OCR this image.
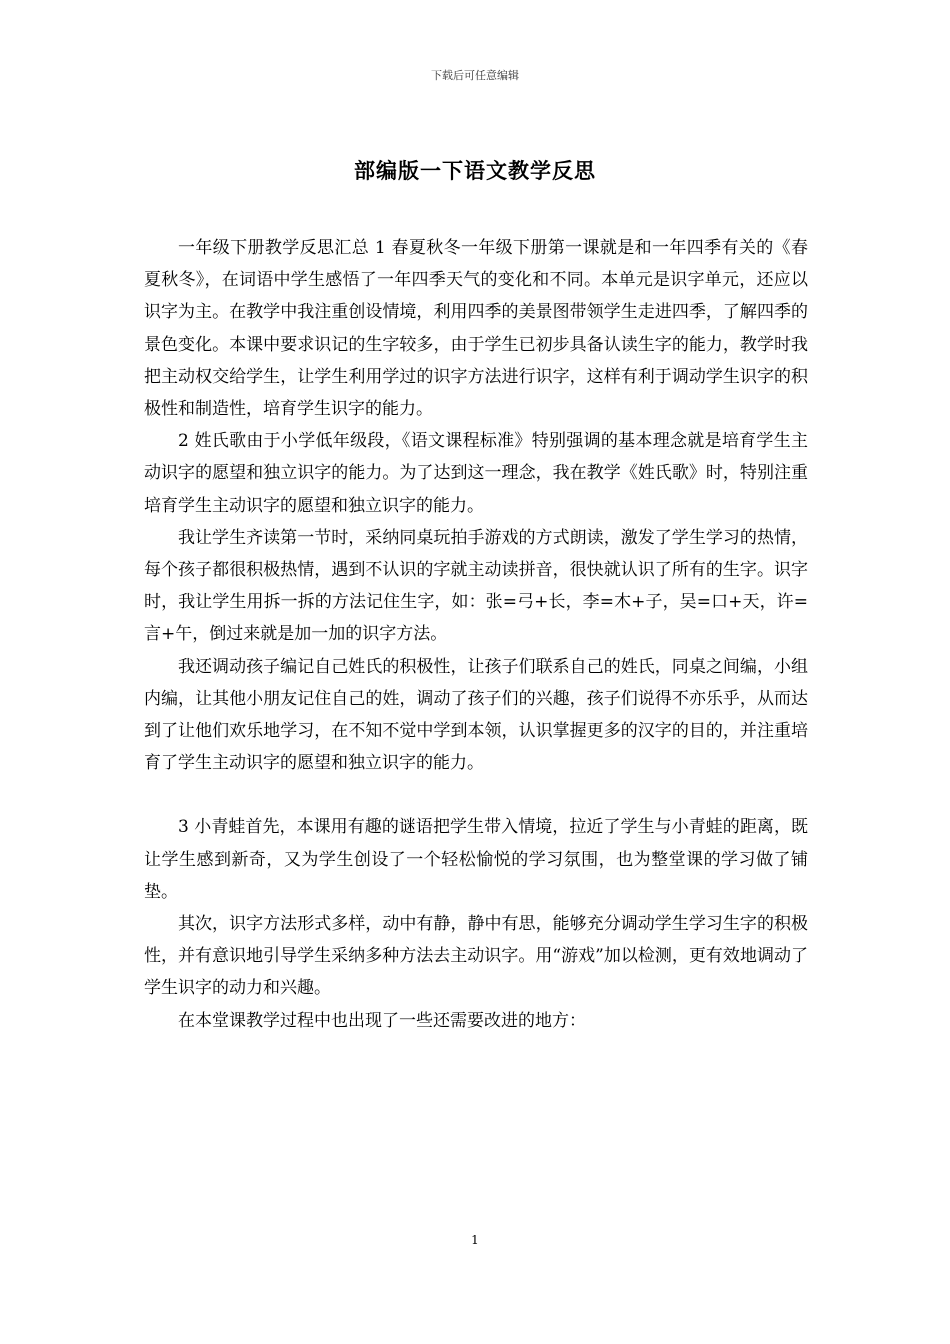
下载后可任意编辑
部编版一下语文教学反思

一年级下册教学反思汇总 1 春夏秋冬一年级下册第一课就是和一年四季有关的《春夏秋冬》，在词语中学生感悟了一年四季天气的变化和不同。本单元是识字单元，还应以识字为主。在教学中我注重创设情境，利用四季的美景图带领学生走进四季，了解四季的景色变化。本课中要求识记的生字较多，由于学生已初步具备认读生字的能力，教学时我把主动权交给学生，让学生利用学过的识字方法进行识字，这样有利于调动学生识字的积极性和制造性，培育学生识字的能力。

2 姓氏歌由于小学低年级段，《语文课程标准》特别强调的基本理念就是培育学生主动识字的愿望和独立识字的能力。为了达到这一理念，我在教学《姓氏歌》时，特别注重培育学生主动识字的愿望和独立识字的能力。

我让学生齐读第一节时，采纳同桌玩拍手游戏的方式朗读，激发了学生学习的热情，每个孩子都很积极热情，遇到不认识的字就主动读拼音，很快就认识了所有的生字。识字时，我让学生用拆一拆的方法记住生字，如：张=弓+长，李=木+子，吴=口+天，许=言+午，倒过来就是加一加的识字方法。

我还调动孩子编记自己姓氏的积极性，让孩子们联系自己的姓氏，同桌之间编，小组内编，让其他小朋友记住自己的姓，调动了孩子们的兴趣，孩子们说得不亦乐乎，从而达到了让他们欢乐地学习，在不知不觉中学到本领，认识掌握更多的汉字的目的，并注重培育了学生主动识字的愿望和独立识字的能力。

3 小青蛙首先，本课用有趣的谜语把学生带入情境，拉近了学生与小青蛙的距离，既让学生感到新奇，又为学生创设了一个轻松愉悦的学习氛围，也为整堂课的学习做了铺垫。

其次，识字方法形式多样，动中有静，静中有思，能够充分调动学生学习生字的积极性，并有意识地引导学生采纳多种方法去主动识字。用“游戏”加以检测，更有效地调动了学生识字的动力和兴趣。

在本堂课教学过程中也出现了一些还需要改进的地方：

1
